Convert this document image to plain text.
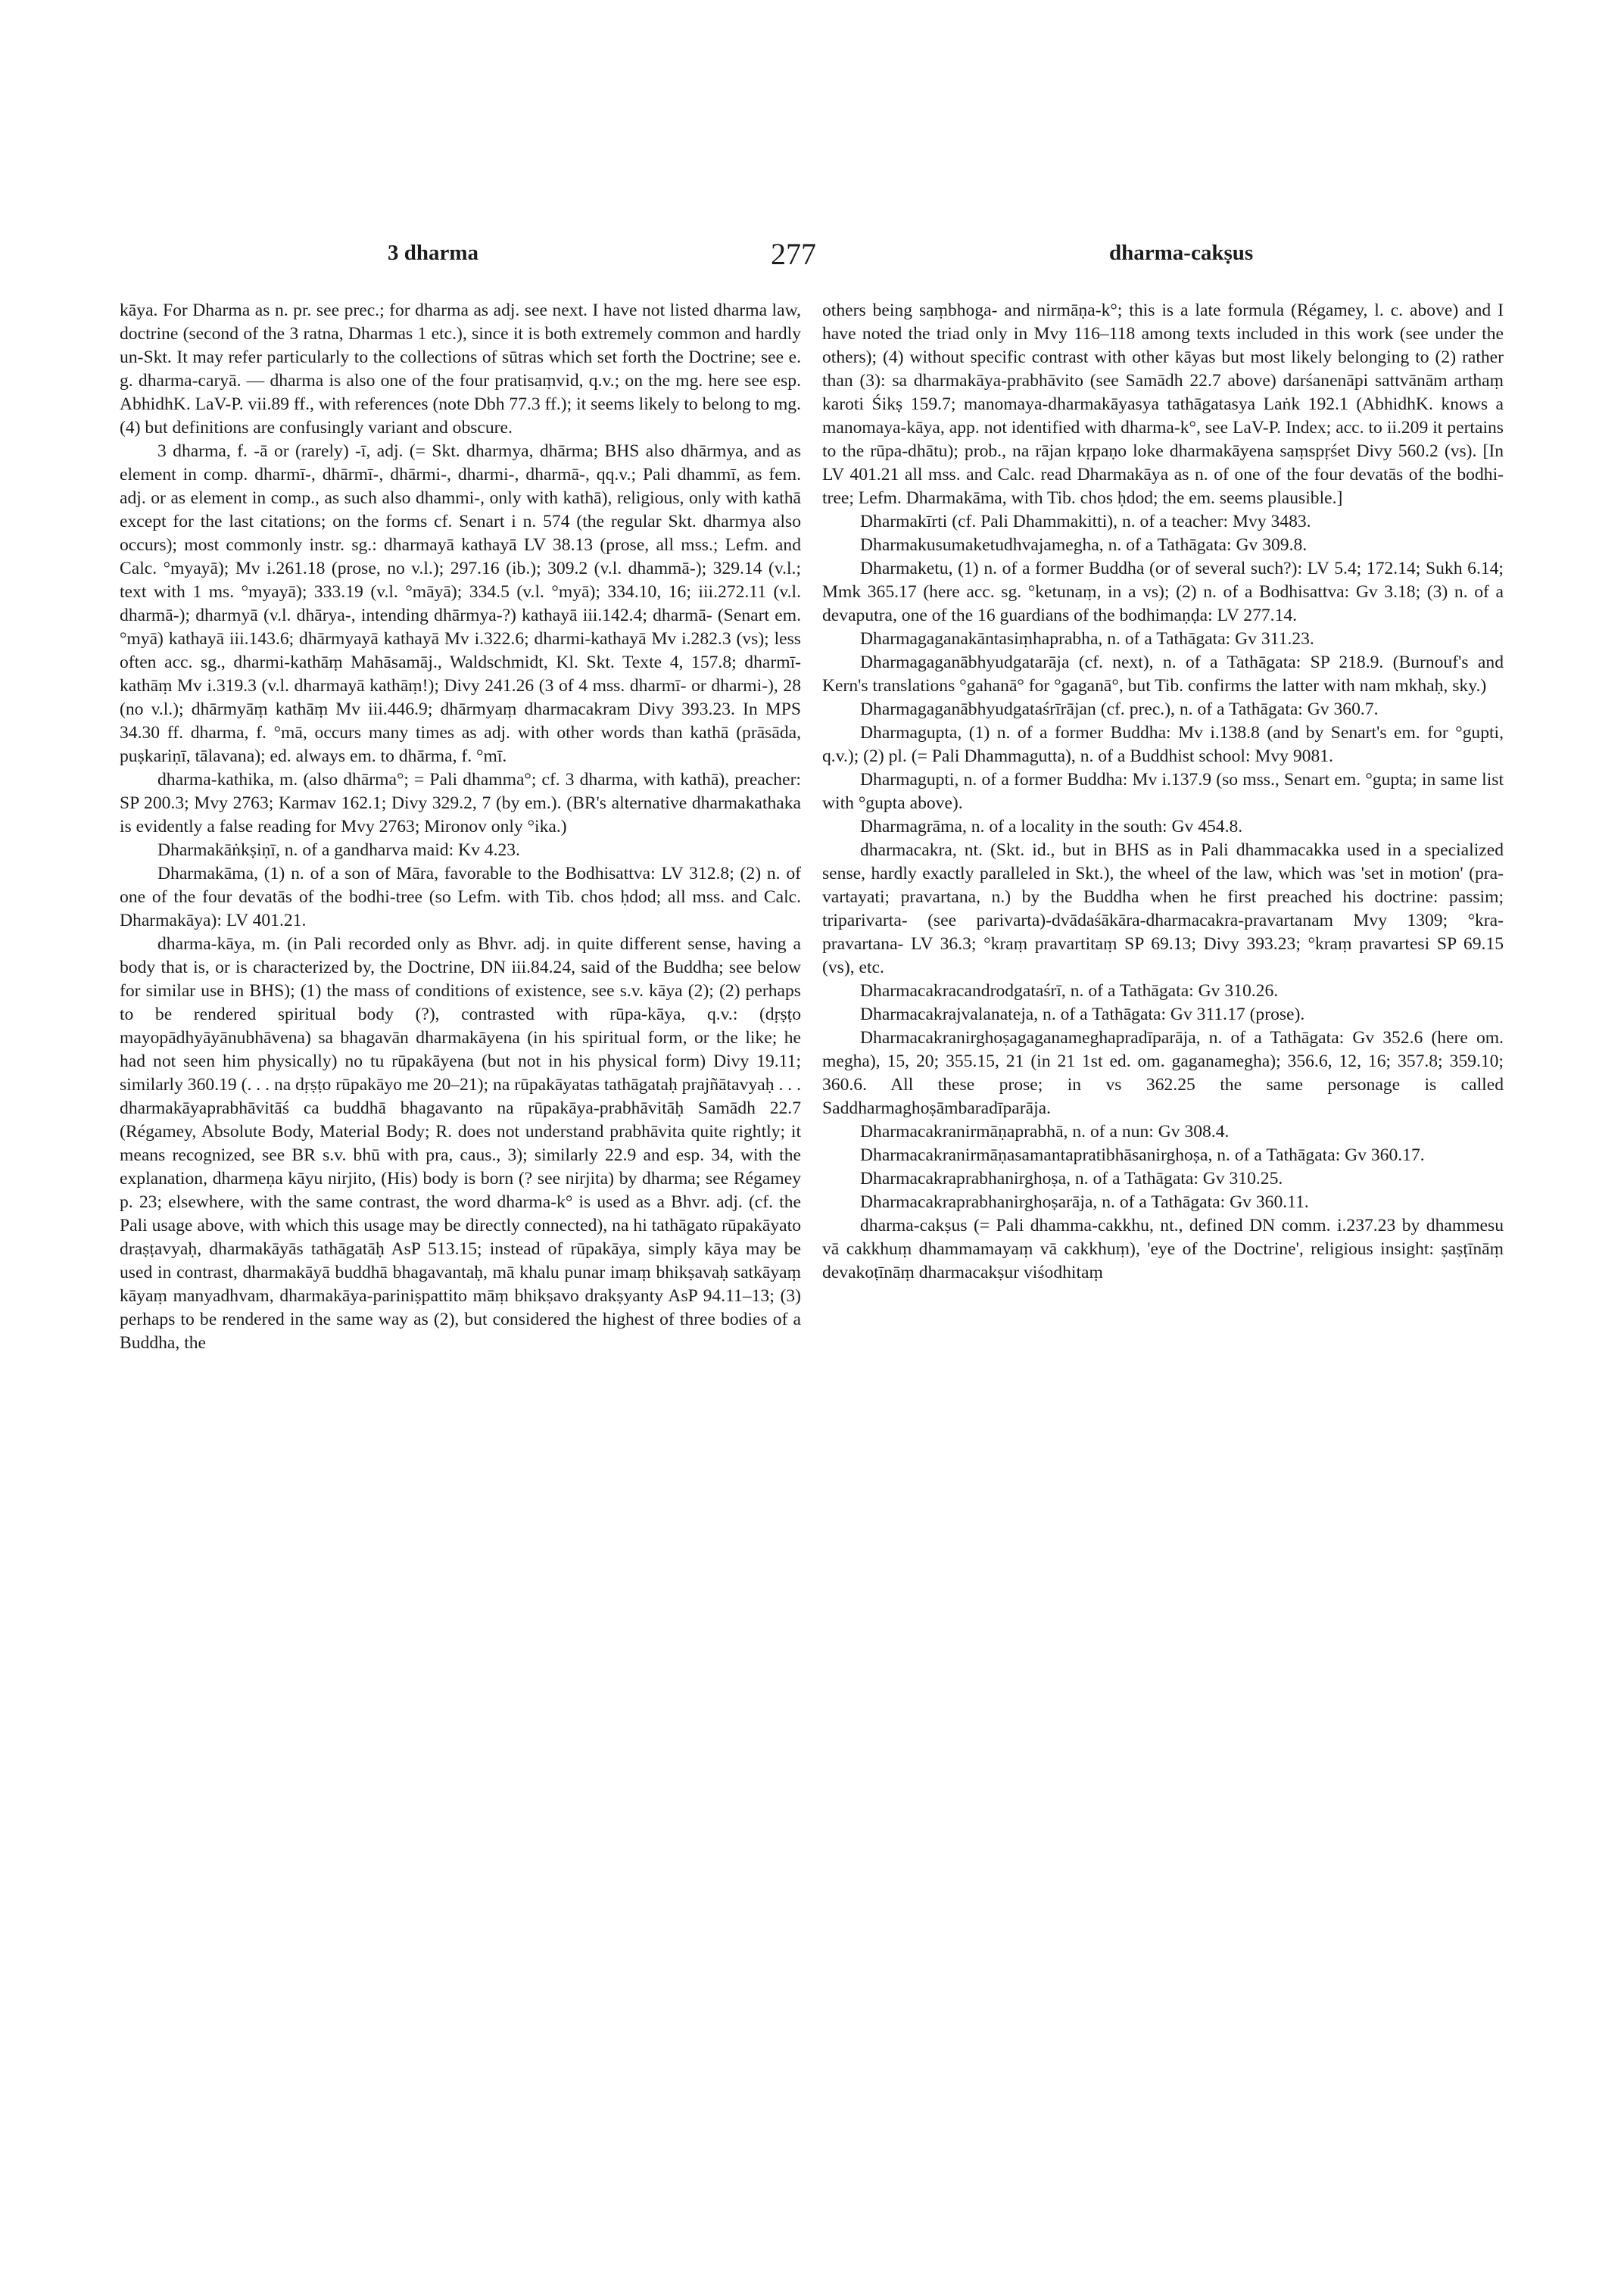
3 dharma	277	dharma-cakṣus

kāya. For Dharma as n. pr. see prec.; for dharma as adj. see next. I have not listed dharma law, doctrine (second of the 3 ratna, Dharmas 1 etc.), since it is both extremely common and hardly un-Skt. It may refer particularly to the collections of sūtras which set forth the Doctrine; see e. g. dharma-caryā. — dharma is also one of the four pratisaṃvid, q.v.; on the mg. here see esp. AbhidhK. LaV-P. vii.89 ff., with references (note Dbh 77.3 ff.); it seems likely to belong to mg. (4) but definitions are confusingly variant and obscure.

3 dharma, f. -ā or (rarely) -ī, adj. (= Skt. dharmya, dhārma; BHS also dhārmya, and as element in comp. dharmī-, dhārmī-, dhārmi-, dharmi-, dharmā-, qq.v.; Pali dhammī, as fem. adj. or as element in comp., as such also dhammi-, only with kathā), religious, only with kathā except for the last citations; on the forms cf. Senart i n. 574 (the regular Skt. dharmya also occurs); most commonly instr. sg.: dharmayā kathayā LV 38.13 (prose, all mss.; Lefm. and Calc. °myayā); Mv i.261.18 (prose, no v.l.); 297.16 (ib.); 309.2 (v.l. dhammā-); 329.14 (v.l.; text with 1 ms. °myayā); 333.19 (v.l. °māyā); 334.5 (v.l. °myā); 334.10, 16; iii.272.11 (v.l. dharmā-); dharmyā (v.l. dhārya-, intending dhārmya-?) kathayā iii.142.4; dharmā- (Senart em. °myā) kathayā iii.143.6; dhārmyayā kathayā Mv i.322.6; dharmi-kathayā Mv i.282.3 (vs); less often acc. sg., dharmi-kathāṃ Mahāsamāj., Waldschmidt, Kl. Skt. Texte 4, 157.8; dharmī-kathāṃ Mv i.319.3 (v.l. dharmayā kathāṃ!); Divy 241.26 (3 of 4 mss. dharmī- or dharmi-), 28 (no v.l.); dhārmyāṃ kathāṃ Mv iii.446.9; dhārmyaṃ dharmacakram Divy 393.23. In MPS 34.30 ff. dharma, f. °mā, occurs many times as adj. with other words than kathā (prāsāda, puṣkariṇī, tālavana); ed. always em. to dhārma, f. °mī.

dharma-kathika, m. (also dhārma°; = Pali dhamma°; cf. 3 dharma, with kathā), preacher: SP 200.3; Mvy 2763; Karmav 162.1; Divy 329.2, 7 (by em.). (BR's alternative dharmakathaka is evidently a false reading for Mvy 2763; Mironov only °ika.)

Dharmakāṅkṣiṇī, n. of a gandharva maid: Kv 4.23.

Dharmakāma, (1) n. of a son of Māra, favorable to the Bodhisattva: LV 312.8; (2) n. of one of the four devatās of the bodhi-tree (so Lefm. with Tib. chos ḥdod; all mss. and Calc. Dharmakāya): LV 401.21.

dharma-kāya, m. (in Pali recorded only as Bhvr. adj. in quite different sense, having a body that is, or is characterized by, the Doctrine, DN iii.84.24, said of the Buddha; see below for similar use in BHS); (1) the mass of conditions of existence, see s.v. kāya (2); (2) perhaps to be rendered spiritual body (?), contrasted with rūpa-kāya, q.v.: (dṛṣṭo mayopādhyāyānubhāvena) sa bhagavān dharmakāyena (in his spiritual form, or the like; he had not seen him physically) no tu rūpakāyena (but not in his physical form) Divy 19.11; similarly 360.19 (. . . na dṛṣṭo rūpakāyo me 20–21); na rūpakāyatas tathāgataḥ prajñātavyaḥ . . . dharmakāyaprabhāvitāś ca buddhā bhagavanto na rūpakāya-prabhāvitāḥ Samādh 22.7 (Régamey, Absolute Body, Material Body; R. does not understand prabhāvita quite rightly; it means recognized, see BR s.v. bhū with pra, caus., 3); similarly 22.9 and esp. 34, with the explanation, dharmeṇa kāyu nirjito, (His) body is born (? see nirjita) by dharma; see Régamey p. 23; elsewhere, with the same contrast, the word dharma-k° is used as a Bhvr. adj. (cf. the Pali usage above, with which this usage may be directly connected), na hi tathāgato rūpakāyato draṣṭavyaḥ, dharmakāyās tathāgatāḥ AsP 513.15; instead of rūpakāya, simply kāya may be used in contrast, dharmakāyā buddhā bhagavantaḥ, mā khalu punar imaṃ bhikṣavaḥ satkāyaṃ kāyaṃ manyadhvam, dharmakāya-pariniṣpattito māṃ bhikṣavo drakṣyanty AsP 94.11–13; (3) perhaps to be rendered in the same way as (2), but considered the highest of three bodies of a Buddha, the

others being saṃbhoga- and nirmāṇa-k°; this is a late formula (Régamey, l. c. above) and I have noted the triad only in Mvy 116–118 among texts included in this work (see under the others); (4) without specific contrast with other kāyas but most likely belonging to (2) rather than (3): sa dharmakāya-prabhāvito (see Samādh 22.7 above) darśanenāpi sattvānām arthaṃ karoti Śikṣ 159.7; manomaya-dharmakāyasya tathāgatasya Laṅk 192.1 (AbhidhK. knows a manomaya-kāya, app. not identified with dharma-k°, see LaV-P. Index; acc. to ii.209 it pertains to the rūpa-dhātu); prob., na rājan kṛpaṇo loke dharmakāyena saṃspṛśet Divy 560.2 (vs). [In LV 401.21 all mss. and Calc. read Dharmakāya as n. of one of the four devatās of the bodhi-tree; Lefm. Dharmakāma, with Tib. chos ḥdod; the em. seems plausible.]

Dharmakīrti (cf. Pali Dhammakitti), n. of a teacher: Mvy 3483.

Dharmakusumaketudhvajamegha, n. of a Tathāgata: Gv 309.8.

Dharmaketu, (1) n. of a former Buddha (or of several such?): LV 5.4; 172.14; Sukh 6.14; Mmk 365.17 (here acc. sg. °ketunaṃ, in a vs); (2) n. of a Bodhisattva: Gv 3.18; (3) n. of a devaputra, one of the 16 guardians of the bodhimaṇḍa: LV 277.14.

Dharmagaganakāntasiṃhaprabha, n. of a Tathāgata: Gv 311.23.

Dharmagaganābhyudgatarāja (cf. next), n. of a Tathāgata: SP 218.9. (Burnouf's and Kern's translations °gahanā° for °gaganā°, but Tib. confirms the latter with nam mkhaḥ, sky.)

Dharmagaganābhyudgataśrīrājan (cf. prec.), n. of a Tathāgata: Gv 360.7.

Dharmagupta, (1) n. of a former Buddha: Mv i.138.8 (and by Senart's em. for °gupti, q.v.); (2) pl. (= Pali Dhammagutta), n. of a Buddhist school: Mvy 9081.

Dharmagupti, n. of a former Buddha: Mv i.137.9 (so mss., Senart em. °gupta; in same list with °gupta above).

Dharmagrāma, n. of a locality in the south: Gv 454.8.

dharmacakra, nt. (Skt. id., but in BHS as in Pali dhammacakka used in a specialized sense, hardly exactly paralleled in Skt.), the wheel of the law, which was 'set in motion' (pra-vartayati; pravartana, n.) by the Buddha when he first preached his doctrine: passim; triparivarta- (see parivarta)-dvādaśākāra-dharmacakra-pravartanam Mvy 1309; °kra-pravartana- LV 36.3; °kraṃ pravartitaṃ SP 69.13; Divy 393.23; °kraṃ pravartesi SP 69.15 (vs), etc.

Dharmacakracandrodgataśrī, n. of a Tathāgata: Gv 310.26.

Dharmacakrajvalanateja, n. of a Tathāgata: Gv 311.17 (prose).

Dharmacakranirghoṣagaganameghapradīparāja, n. of a Tathāgata: Gv 352.6 (here om. megha), 15, 20; 355.15, 21 (in 21 1st ed. om. gaganamegha); 356.6, 12, 16; 357.8; 359.10; 360.6. All these prose; in vs 362.25 the same personage is called Saddharmaghoṣāmbaradīparāja.

Dharmacakranirmāṇaprabhā, n. of a nun: Gv 308.4.

Dharmacakranirmāṇasamantapratibhāsanirghoṣa, n. of a Tathāgata: Gv 360.17.

Dharmacakraprabhanirghoṣa, n. of a Tathāgata: Gv 310.25.

Dharmacakraprabhanirghoṣarāja, n. of a Tathāgata: Gv 360.11.

dharma-cakṣus (= Pali dhamma-cakkhu, nt., defined DN comm. i.237.23 by dhammesu vā cakkhuṃ dhammamayaṃ vā cakkhuṃ), 'eye of the Doctrine', religious insight: ṣaṣṭīnāṃ devakoṭīnāṃ dharmacakṣur viśodhitaṃ
